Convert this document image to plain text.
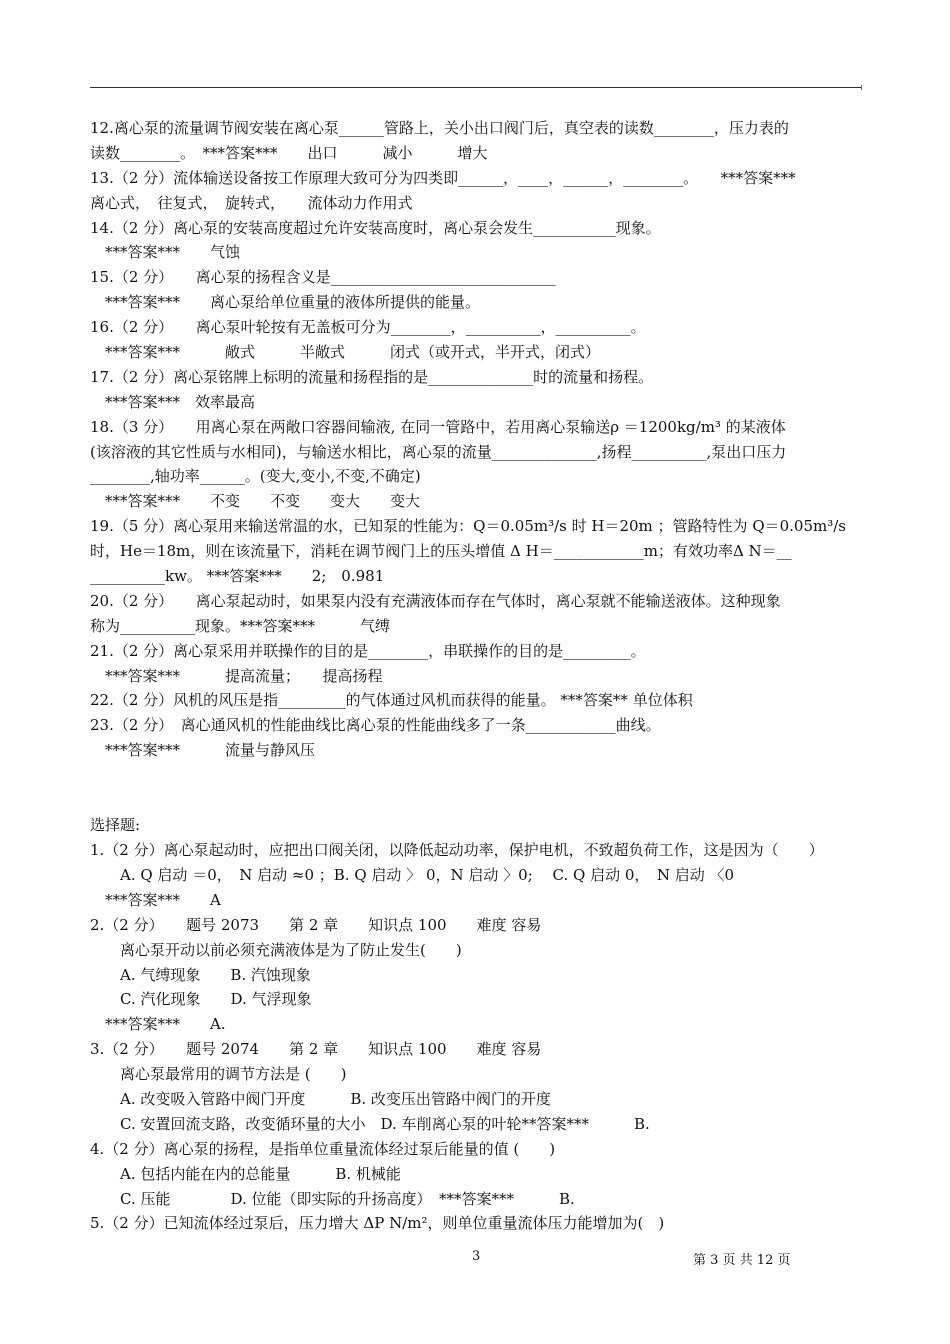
12.离心泵的流量调节阀安装在离心泵______管路上，关小出口阀门后，真空表的读数________，压力表的
读数________。　***答案***　　出口　　　减小　　　增大
13.（2 分）流体输送设备按工作原理大致可分为四类即______，____，______，________。　　***答案***
离心式，　往复式，　旋转式，　　流体动力作用式
14.（2 分）离心泵的安装高度超过允许安装高度时，离心泵会发生___________现象。
　***答案***　　气蚀
15.（2 分）　　离心泵的扬程含义是______________________________
　***答案***　　离心泵给单位重量的液体所提供的能量。
16.（2 分）　　离心泵叶轮按有无盖板可分为________，__________，__________。
　***答案***　　　敞式　　　半敞式　　　闭式（或开式，半开式，闭式）
17.（2 分）离心泵铭牌上标明的流量和扬程指的是______________时的流量和扬程。
　***答案***　效率最高
18.（3 分）　　用离心泵在两敞口容器间输液, 在同一管路中，若用离心泵输送ρ ＝1200kg/m³ 的某液体
(该溶液的其它性质与水相同)，与输送水相比，离心泵的流量______________,扬程__________,泵出口压力
________,轴功率______。(变大,变小,不变,不确定)
　***答案***　　不变　　不变　　变大　　变大
19.（5 分）离心泵用来输送常温的水，已知泵的性能为：Q＝0.05m³/s 时 H＝20m ；管路特性为 Q＝0.05m³/s
时，He＝18m，则在该流量下，消耗在调节阀门上的压头增值 Δ H＝____________m；有效功率Δ N＝__
__________kw。 ***答案***　　2;　0.981
20.（2 分）　　离心泵起动时，如果泵内没有充满液体而存在气体时，离心泵就不能输送液体。这种现象
称为__________现象。***答案***　　　气缚
21.（2 分）离心泵采用并联操作的目的是________，串联操作的目的是_________。
　***答案***　　　提高流量；　　提高扬程
22.（2 分）风机的风压是指_________的气体通过风机而获得的能量。 ***答案** 单位体积
23.（2 分）　离心通风机的性能曲线比离心泵的性能曲线多了一条____________曲线。
　***答案***　　　流量与静风压
选择题:
1.（2 分）离心泵起动时，应把出口阀关闭，以降低起动功率，保护电机，不致超负荷工作，这是因为（　　）
　　A. Q 启动 ＝0，　N 启动 ≈0 ；B. Q 启动 〉 0，N 启动 〉0;　 C. Q 启动 0，　N 启动 〈0
　***答案***　　A
2.（2 分）　　题号 2073　　第 2 章　　知识点 100　　难度 容易
　　离心泵开动以前必须充满液体是为了防止发生(　　)
　　A. 气缚现象　　B. 汽蚀现象
　　C. 汽化现象　　D. 气浮现象
　***答案***　　A.
3.（2 分）　　题号 2074　　第 2 章　　知识点 100　　难度 容易
　　离心泵最常用的调节方法是 (　　)
　　A. 改变吸入管路中阀门开度　　　B. 改变压出管路中阀门的开度
　　C. 安置回流支路，改变循环量的大小　D. 车削离心泵的叶轮**答案***　　　B.
4.（2 分）离心泵的扬程，是指单位重量流体经过泵后能量的值 (　　)
　　A. 包括内能在内的总能量　　　B. 机械能
　　C. 压能　　　　D. 位能（即实际的升扬高度）　***答案***　　　B.
5.（2 分）已知流体经过泵后，压力增大 ΔP N/m²，则单位重量流体压力能增加为(　)
3	第 3 页 共 12 页
